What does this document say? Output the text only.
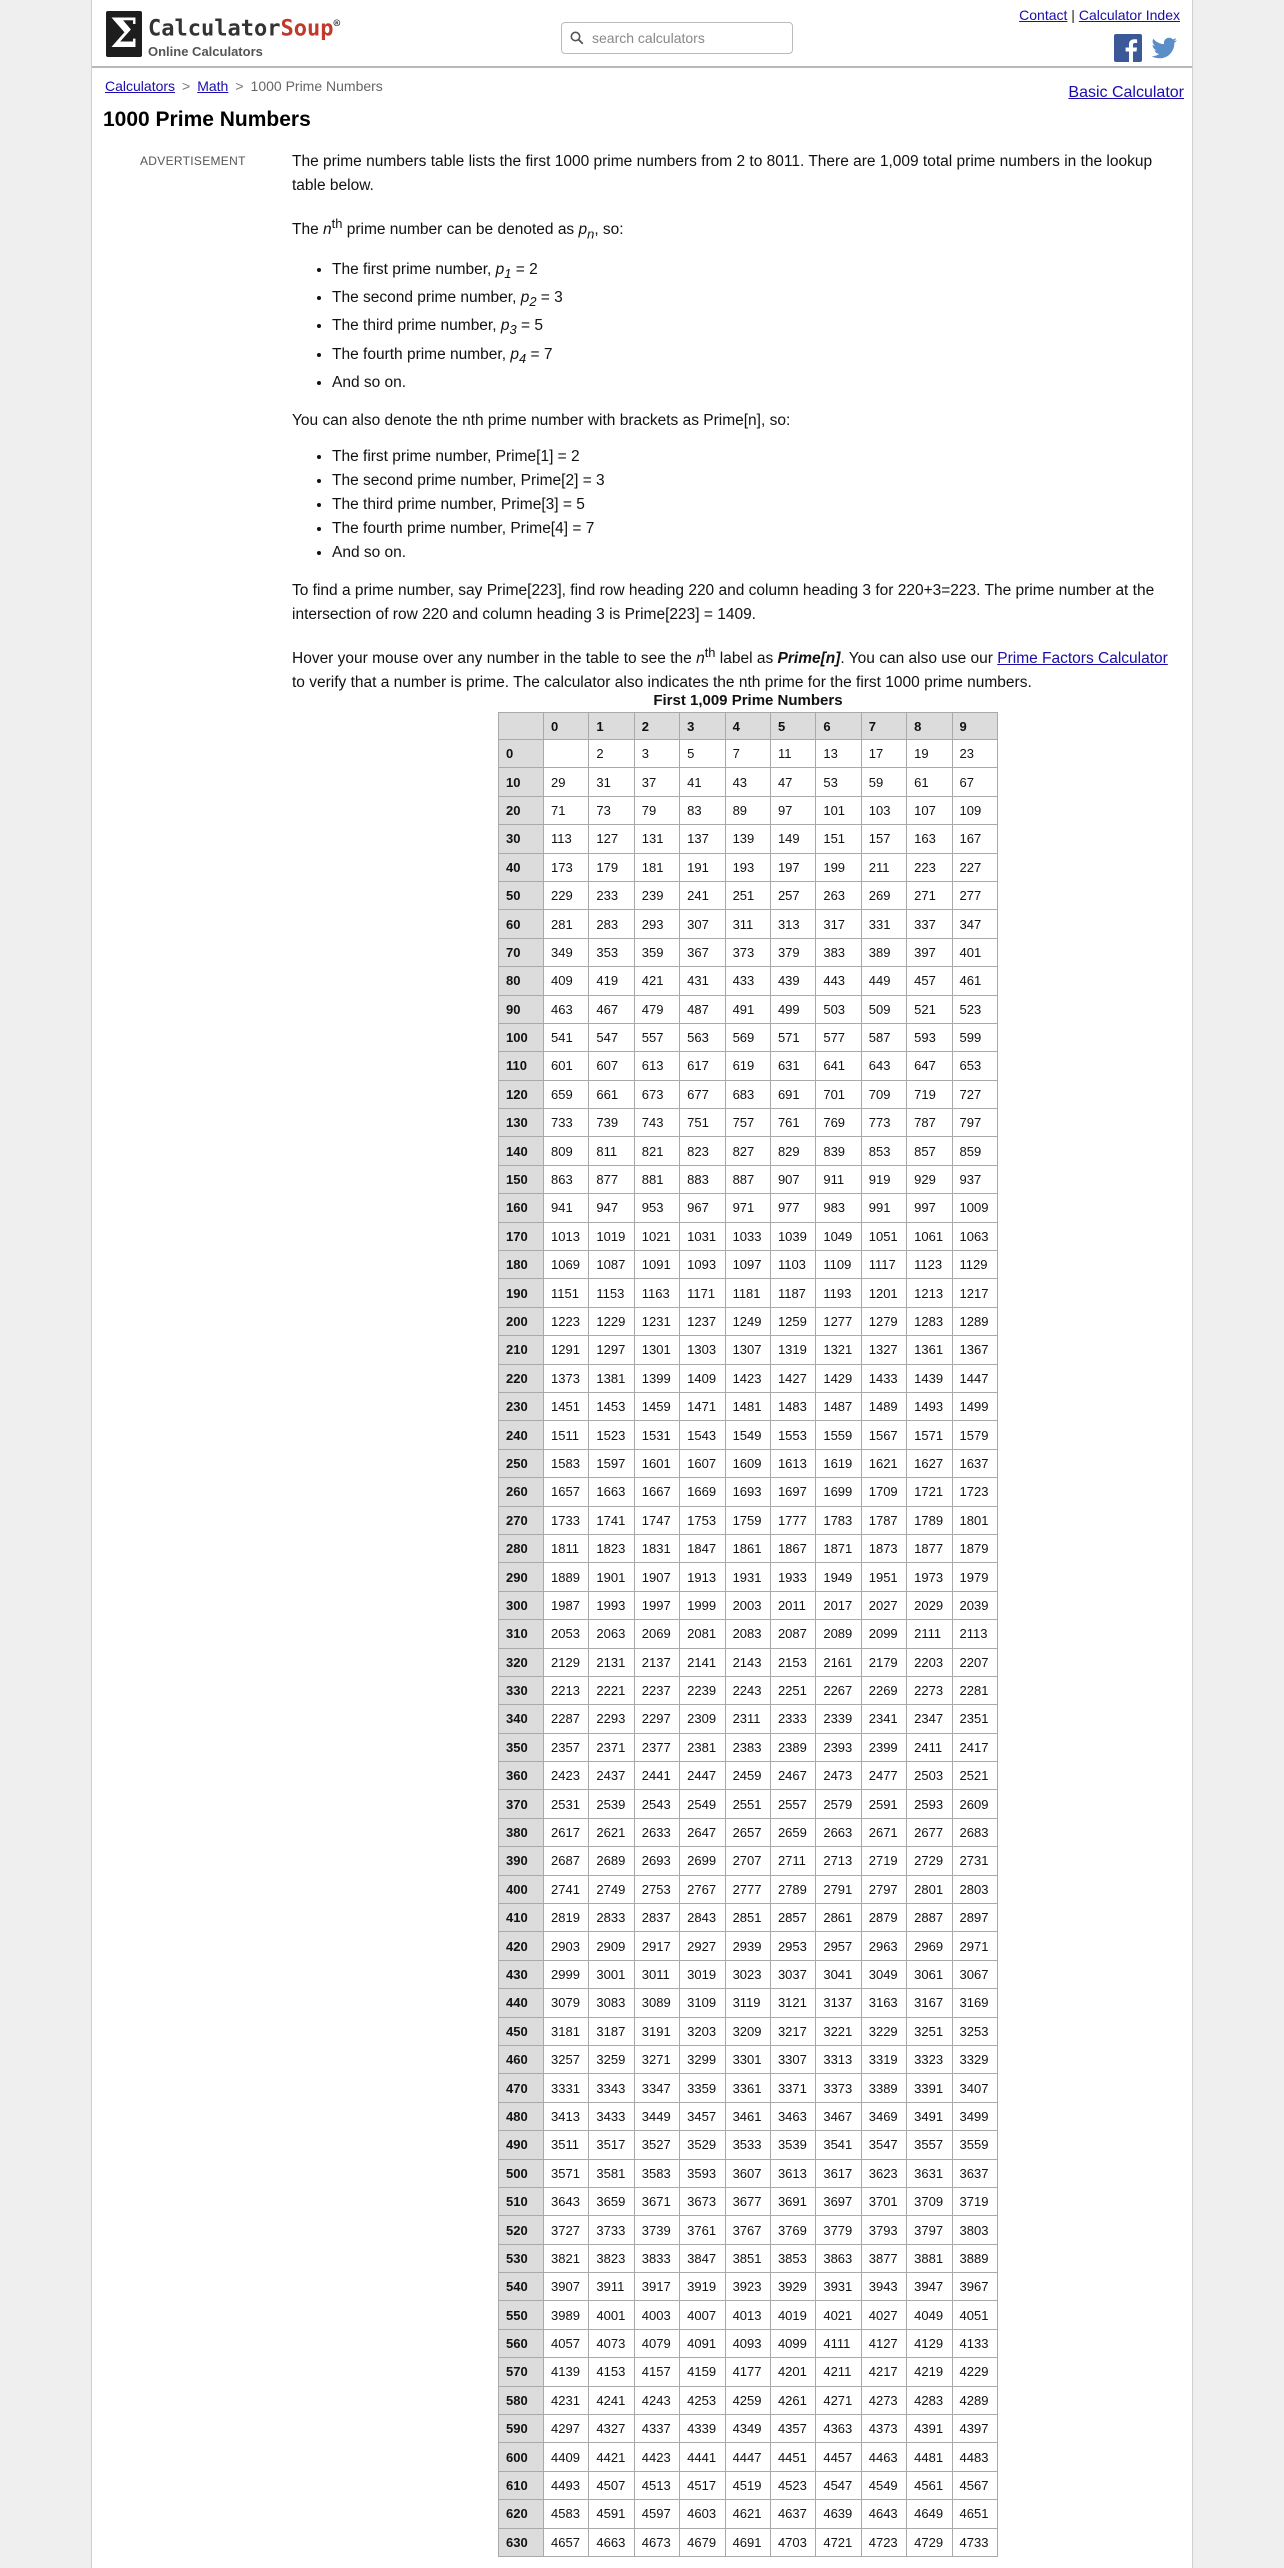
Σ CalculatorSoup®
Online Calculators
search calculators
Contact | Calculator Index
Calculators > Math > 1000 Prime Numbers	Basic Calculator
1000 Prime Numbers
ADVERTISEMENT	The prime numbers table lists the first 1000 prime numbers from 2 to 8011. There are 1,009 total prime numbers in the lookup table below.

The $n^{th}$ prime number can be denoted as $p_n$, so:

• The first prime number, $p_1 = 2$
• The second prime number, $p_2 = 3$
• The third prime number, $p_3 = 5$
• The fourth prime number, $p_4 = 7$
• And so on.

You can also denote the nth prime number with brackets as Prime[n], so:

• The first prime number, Prime[1] = 2
• The second prime number, Prime[2] = 3
• The third prime number, Prime[3] = 5
• The fourth prime number, Prime[4] = 7
• And so on.

To find a prime number, say Prime[223], find row heading 220 and column heading 3 for 220+3=223. The prime number at the intersection of row 220 and column heading 3 is Prime[223] = 1409.

Hover your mouse over any number in the table to see the $n^{th}$ label as Prime[n]. You can also use our Prime Factors Calculator to verify that a number is prime. The calculator also indicates the nth prime for the first 1000 prime numbers.

First 1,009 Prime Numbers
	0	1	2	3	4	5	6	7	8	9
0		2	3	5	7	11	13	17	19	23
10	29	31	37	41	43	47	53	59	61	67
20	71	73	79	83	89	97	101	103	107	109
30	113	127	131	137	139	149	151	157	163	167
40	173	179	181	191	193	197	199	211	223	227
50	229	233	239	241	251	257	263	269	271	277
60	281	283	293	307	311	313	317	331	337	347
70	349	353	359	367	373	379	383	389	397	401
80	409	419	421	431	433	439	443	449	457	461
90	463	467	479	487	491	499	503	509	521	523
100	541	547	557	563	569	571	577	587	593	599
110	601	607	613	617	619	631	641	643	647	653
120	659	661	673	677	683	691	701	709	719	727
130	733	739	743	751	757	761	769	773	787	797
140	809	811	821	823	827	829	839	853	857	859
150	863	877	881	883	887	907	911	919	929	937
160	941	947	953	967	971	977	983	991	997	1009
170	1013	1019	1021	1031	1033	1039	1049	1051	1061	1063
180	1069	1087	1091	1093	1097	1103	1109	1117	1123	1129
190	1151	1153	1163	1171	1181	1187	1193	1201	1213	1217
200	1223	1229	1231	1237	1249	1259	1277	1279	1283	1289
210	1291	1297	1301	1303	1307	1319	1321	1327	1361	1367
220	1373	1381	1399	1409	1423	1427	1429	1433	1439	1447
230	1451	1453	1459	1471	1481	1483	1487	1489	1493	1499
240	1511	1523	1531	1543	1549	1553	1559	1567	1571	1579
250	1583	1597	1601	1607	1609	1613	1619	1621	1627	1637
260	1657	1663	1667	1669	1693	1697	1699	1709	1721	1723
270	1733	1741	1747	1753	1759	1777	1783	1787	1789	1801
280	1811	1823	1831	1847	1861	1867	1871	1873	1877	1879
290	1889	1901	1907	1913	1931	1933	1949	1951	1973	1979
300	1987	1993	1997	1999	2003	2011	2017	2027	2029	2039
310	2053	2063	2069	2081	2083	2087	2089	2099	2111	2113
320	2129	2131	2137	2141	2143	2153	2161	2179	2203	2207
330	2213	2221	2237	2239	2243	2251	2267	2269	2273	2281
340	2287	2293	2297	2309	2311	2333	2339	2341	2347	2351
350	2357	2371	2377	2381	2383	2389	2393	2399	2411	2417
360	2423	2437	2441	2447	2459	2467	2473	2477	2503	2521
370	2531	2539	2543	2549	2551	2557	2579	2591	2593	2609
380	2617	2621	2633	2647	2657	2659	2663	2671	2677	2683
390	2687	2689	2693	2699	2707	2711	2713	2719	2729	2731
400	2741	2749	2753	2767	2777	2789	2791	2797	2801	2803
410	2819	2833	2837	2843	2851	2857	2861	2879	2887	2897
420	2903	2909	2917	2927	2939	2953	2957	2963	2969	2971
430	2999	3001	3011	3019	3023	3037	3041	3049	3061	3067
440	3079	3083	3089	3109	3119	3121	3137	3163	3167	3169
450	3181	3187	3191	3203	3209	3217	3221	3229	3251	3253
460	3257	3259	3271	3299	3301	3307	3313	3319	3323	3329
470	3331	3343	3347	3359	3361	3371	3373	3389	3391	3407
480	3413	3433	3449	3457	3461	3463	3467	3469	3491	3499
490	3511	3517	3527	3529	3533	3539	3541	3547	3557	3559
500	3571	3581	3583	3593	3607	3613	3617	3623	3631	3637
510	3643	3659	3671	3673	3677	3691	3697	3701	3709	3719
520	3727	3733	3739	3761	3767	3769	3779	3793	3797	3803
530	3821	3823	3833	3847	3851	3853	3863	3877	3881	3889
540	3907	3911	3917	3919	3923	3929	3931	3943	3947	3967
550	3989	4001	4003	4007	4013	4019	4021	4027	4049	4051
560	4057	4073	4079	4091	4093	4099	4111	4127	4129	4133
570	4139	4153	4157	4159	4177	4201	4211	4217	4219	4229
580	4231	4241	4243	4253	4259	4261	4271	4273	4283	4289
590	4297	4327	4337	4339	4349	4357	4363	4373	4391	4397
600	4409	4421	4423	4441	4447	4451	4457	4463	4481	4483
610	4493	4507	4513	4517	4519	4523	4547	4549	4561	4567
620	4583	4591	4597	4603	4621	4637	4639	4643	4649	4651
630	4657	4663	4673	4679	4691	4703	4721	4723	4729	4733
